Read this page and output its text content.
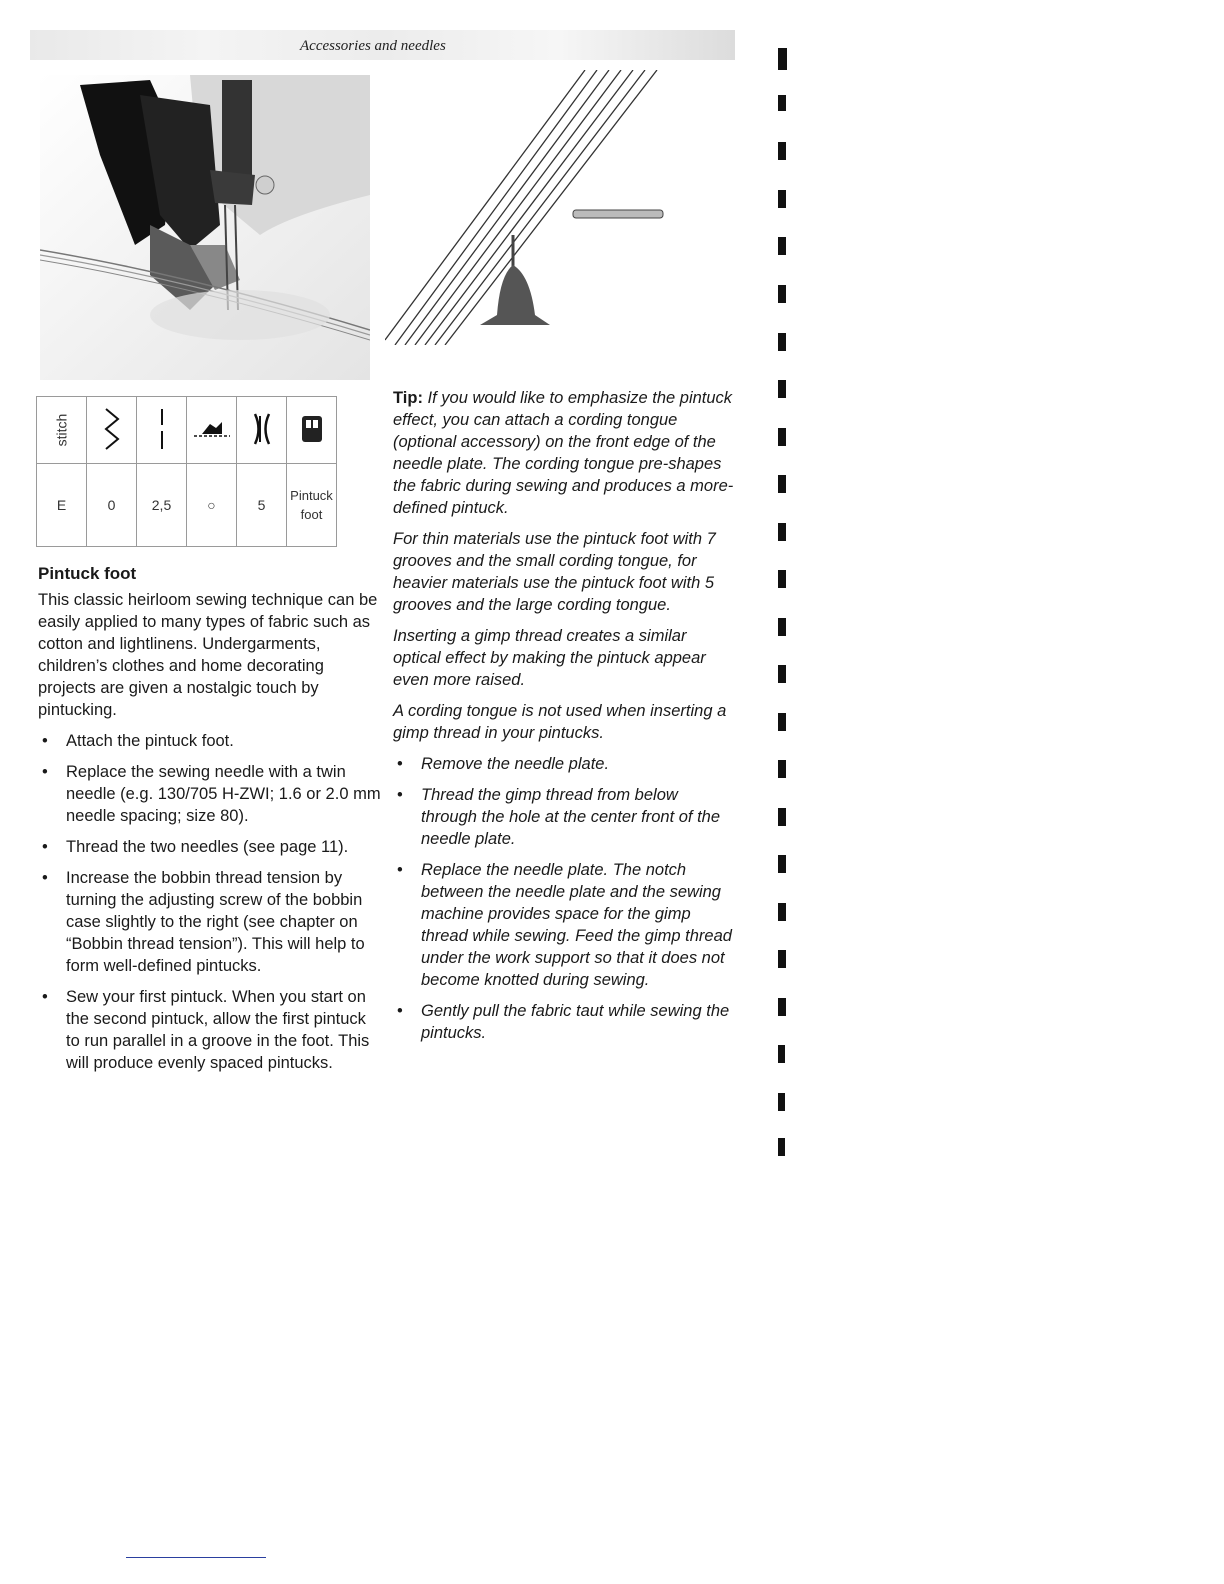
Accessories and needles
stitch					
E	0	2,5	○	5	Pintuck
foot
Pintuck foot

This classic heirloom sewing technique can be easily applied to many types of fabric such as cotton and lightlinens. Undergarments, children’s clothes and home decorating projects are given a nostalgic touch by pintucking.

• Attach the pintuck foot.
• Replace the sewing needle with a twin needle (e.g. 130/705 H-ZWI; 1.6 or 2.0 mm needle spacing; size 80).
• Thread the two needles (see page 11).
• Increase the bobbin thread tension by turning the adjusting screw of the bobbin case slightly to the right (see chapter on “Bobbin thread tension”). This will help to form well-defined pintucks.
• Sew your first pintuck. When you start on the second pintuck, allow the first pintuck to run parallel in a groove in the foot. This will produce evenly spaced pintucks.

Tip: If you would like to emphasize the pintuck effect, you can attach a cording tongue (optional accessory) on the front edge of the needle plate. The cording tongue pre-shapes the fabric during sewing and produces a more-defined pintuck.

For thin materials use the pintuck foot with 7 grooves and the small cording tongue, for heavier materials use the pintuck foot with 5 grooves and the large cording tongue.

Inserting a gimp thread creates a similar optical effect by making the pintuck appear even more raised.

A cording tongue is not used when inserting a gimp thread in your pintucks.

• Remove the needle plate.
• Thread the gimp thread from below through the hole at the center front of the needle plate.
• Replace the needle plate. The notch between the needle plate and the sewing machine provides space for the gimp thread while sewing. Feed the gimp thread under the work support so that it does not become knotted during sewing.
• Gently pull the fabric taut while sewing the pintucks.
